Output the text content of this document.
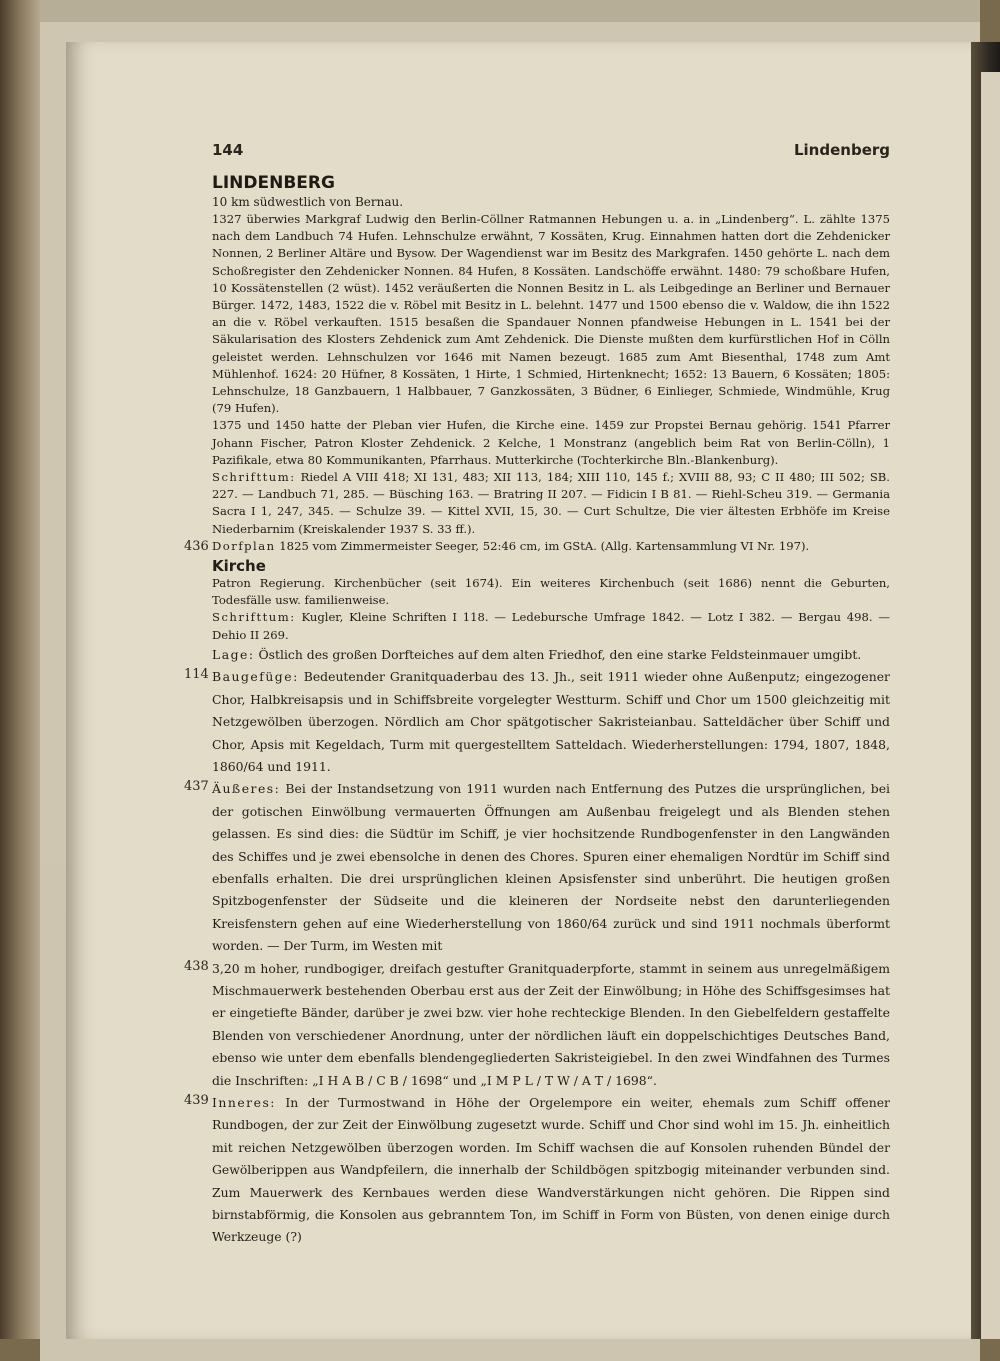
144	Lindenberg
LINDENBERG

10 km südwestlich von Bernau.

1327 überwies Markgraf Ludwig den Berlin-Cöllner Ratmannen Hebungen u. a. in „Lindenberg“. L. zählte 1375 nach dem Landbuch 74 Hufen. Lehnschulze erwähnt, 7 Kossäten, Krug. Einnahmen hatten dort die Zehdenicker Nonnen, 2 Berliner Altäre und Bysow. Der Wagendienst war im Besitz des Markgrafen. 1450 gehörte L. nach dem Schoßregister den Zehdenicker Nonnen. 84 Hufen, 8 Kossäten. Landschöffe erwähnt. 1480: 79 schoßbare Hufen, 10 Kossätenstellen (2 wüst). 1452 veräußerten die Nonnen Besitz in L. als Leibgedinge an Berliner und Bernauer Bürger. 1472, 1483, 1522 die v. Röbel mit Besitz in L. belehnt. 1477 und 1500 ebenso die v. Waldow, die ihn 1522 an die v. Röbel verkauften. 1515 besaßen die Spandauer Nonnen pfandweise Hebungen in L. 1541 bei der Säkularisation des Klosters Zehdenick zum Amt Zehdenick. Die Dienste mußten dem kurfürstlichen Hof in Cölln geleistet werden. Lehnschulzen vor 1646 mit Namen bezeugt. 1685 zum Amt Biesenthal, 1748 zum Amt Mühlenhof. 1624: 20 Hüfner, 8 Kossäten, 1 Hirte, 1 Schmied, Hirtenknecht; 1652: 13 Bauern, 6 Kossäten; 1805: Lehnschulze, 18 Ganzbauern, 1 Halbbauer, 7 Ganzkossäten, 3 Büdner, 6 Einlieger, Schmiede, Windmühle, Krug (79 Hufen).

1375 und 1450 hatte der Pleban vier Hufen, die Kirche eine. 1459 zur Propstei Bernau gehörig. 1541 Pfarrer Johann Fischer, Patron Kloster Zehdenick. 2 Kelche, 1 Monstranz (angeblich beim Rat von Berlin-Cölln), 1 Pazifikale, etwa 80 Kommunikanten, Pfarrhaus. Mutterkirche (Tochterkirche Bln.-Blankenburg).

Schrifttum: Riedel A VIII 418; XI 131, 483; XII 113, 184; XIII 110, 145 f.; XVIII 88, 93; C II 480; III 502; SB. 227. — Landbuch 71, 285. — Büsching 163. — Bratring II 207. — Fidicin I B 81. — Riehl-Scheu 319. — Germania Sacra I 1, 247, 345. — Schulze 39. — Kittel XVII, 15, 30. — Curt Schultze, Die vier ältesten Erbhöfe im Kreise Niederbarnim (Kreiskalender 1937 S. 33 ff.).

436 Dorfplan 1825 vom Zimmermeister Seeger, 52:46 cm, im GStA. (Allg. Kartensammlung VI Nr. 197).

Kirche

Patron Regierung. Kirchenbücher (seit 1674). Ein weiteres Kirchenbuch (seit 1686) nennt die Geburten, Todesfälle usw. familienweise.

Schrifttum: Kugler, Kleine Schriften I 118. — Ledebursche Umfrage 1842. — Lotz I 382. — Bergau 498. — Dehio II 269.

Lage: Östlich des großen Dorfteiches auf dem alten Friedhof, den eine starke Feldsteinmauer umgibt.

114 Baugefüge: Bedeutender Granitquaderbau des 13. Jh., seit 1911 wieder ohne Außenputz; eingezogener Chor, Halbkreisapsis und in Schiffsbreite vorgelegter Westturm. Schiff und Chor um 1500 gleichzeitig mit Netzgewölben überzogen. Nördlich am Chor spätgotischer Sakristeianbau. Satteldächer über Schiff und Chor, Apsis mit Kegeldach, Turm mit quergestelltem Satteldach. Wiederherstellungen: 1794, 1807, 1848, 1860/64 und 1911.

437 Äußeres: Bei der Instandsetzung von 1911 wurden nach Entfernung des Putzes die ursprünglichen, bei der gotischen Einwölbung vermauerten Öffnungen am Außenbau freigelegt und als Blenden stehen gelassen. Es sind dies: die Südtür im Schiff, je vier hochsitzende Rundbogenfenster in den Langwänden des Schiffes und je zwei ebensolche in denen des Chores. Spuren einer ehemaligen Nordtür im Schiff sind ebenfalls erhalten. Die drei ursprünglichen kleinen Apsisfenster sind unberührt. Die heutigen großen Spitzbogenfenster der Südseite und die kleineren der Nordseite nebst den darunterliegenden Kreisfenstern gehen auf eine Wiederherstellung von 1860/64 zurück und sind 1911 nochmals überformt worden. — Der Turm, im Westen mit

438 3,20 m hoher, rundbogiger, dreifach gestufter Granitquaderpforte, stammt in seinem aus unregelmäßigem Mischmauerwerk bestehenden Oberbau erst aus der Zeit der Einwölbung; in Höhe des Schiffsgesimses hat er eingetiefte Bänder, darüber je zwei bzw. vier hohe rechteckige Blenden. In den Giebelfeldern gestaffelte Blenden von verschiedener Anordnung, unter der nördlichen läuft ein doppelschichtiges Deutsches Band, ebenso wie unter dem ebenfalls blendengegliederten Sakristeigiebel. In den zwei Windfahnen des Turmes die Inschriften: „I H A B / C B / 1698“ und „I M P L / T W / A T / 1698“.

439 Inneres: In der Turmostwand in Höhe der Orgelempore ein weiter, ehemals zum Schiff offener Rundbogen, der zur Zeit der Einwölbung zugesetzt wurde. Schiff und Chor sind wohl im 15. Jh. einheitlich mit reichen Netzgewölben überzogen worden. Im Schiff wachsen die auf Konsolen ruhenden Bündel der Gewölberippen aus Wandpfeilern, die innerhalb der Schildbögen spitzbogig miteinander verbunden sind. Zum Mauerwerk des Kernbaues werden diese Wandverstärkungen nicht gehören. Die Rippen sind birnstabförmig, die Konsolen aus gebranntem Ton, im Schiff in Form von Büsten, von denen einige durch Werkzeuge (?)
